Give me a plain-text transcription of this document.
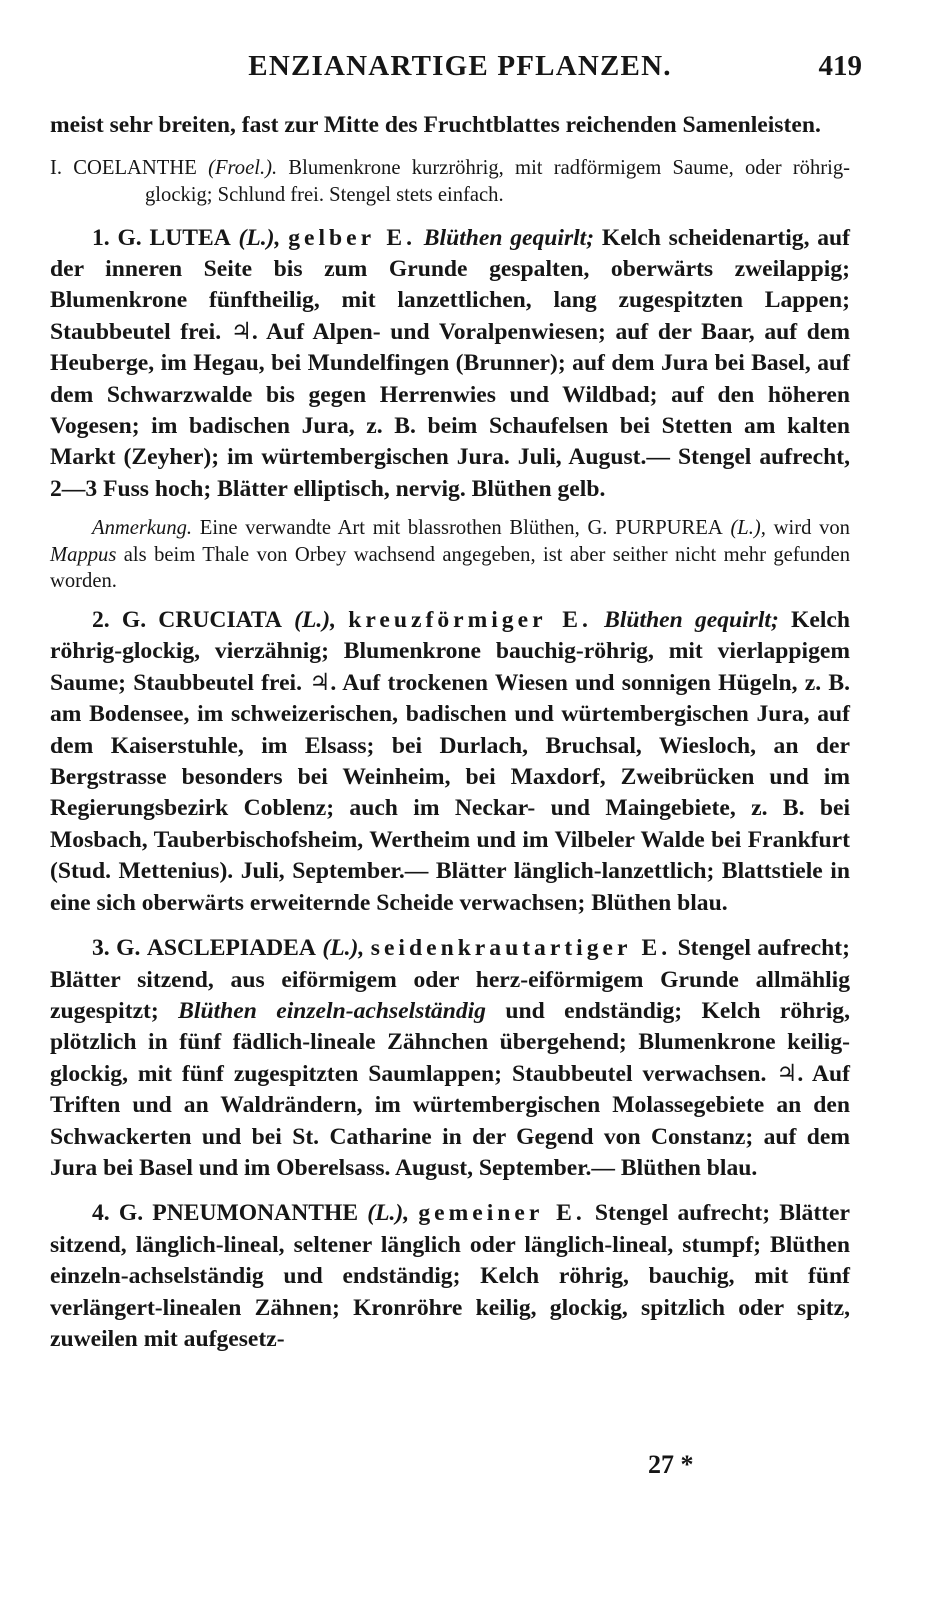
ENZIANARTIGE PFLANZEN.	419

meist sehr breiten, fast zur Mitte des Fruchtblattes reichenden Samenleisten.

I. COELANTHE (Froel.). Blumenkrone kurzröhrig, mit radförmigem Saume, oder röhrig-glockig; Schlund frei. Stengel stets einfach.

1. G. LUTEA (L.), gelber E. Blüthen gequirlt; Kelch scheidenartig, auf der inneren Seite bis zum Grunde gespalten, oberwärts zweilappig; Blumenkrone fünftheilig, mit lanzettlichen, lang zugespitzten Lappen; Staubbeutel frei. ♃. Auf Alpen- und Voralpenwiesen; auf der Baar, auf dem Heuberge, im Hegau, bei Mundelfingen (Brunner); auf dem Jura bei Basel, auf dem Schwarzwalde bis gegen Herrenwies und Wildbad; auf den höheren Vogesen; im badischen Jura, z. B. beim Schaufelsen bei Stetten am kalten Markt (Zeyher); im würtembergischen Jura. Juli, August.— Stengel aufrecht, 2—3 Fuss hoch; Blätter elliptisch, nervig. Blüthen gelb.

Anmerkung. Eine verwandte Art mit blassrothen Blüthen, G. PURPUREA (L.), wird von Mappus als beim Thale von Orbey wachsend angegeben, ist aber seither nicht mehr gefunden worden.

2. G. CRUCIATA (L.), kreuzförmiger E. Blüthen gequirlt; Kelch röhrig-glockig, vierzähnig; Blumenkrone bauchig-röhrig, mit vierlappigem Saume; Staubbeutel frei. ♃. Auf trockenen Wiesen und sonnigen Hügeln, z. B. am Bodensee, im schweizerischen, badischen und würtembergischen Jura, auf dem Kaiserstuhle, im Elsass; bei Durlach, Bruchsal, Wiesloch, an der Bergstrasse besonders bei Weinheim, bei Maxdorf, Zweibrücken und im Regierungsbezirk Coblenz; auch im Neckar- und Maingebiete, z. B. bei Mosbach, Tauberbischofsheim, Wertheim und im Vilbeler Walde bei Frankfurt (Stud. Mettenius). Juli, September.— Blätter länglich-lanzettlich; Blattstiele in eine sich oberwärts erweiternde Scheide verwachsen; Blüthen blau.

3. G. ASCLEPIADEA (L.), seidenkrautartiger E. Stengel aufrecht; Blätter sitzend, aus eiförmigem oder herz-eiförmigem Grunde allmählig zugespitzt; Blüthen einzeln-achselständig und endständig; Kelch röhrig, plötzlich in fünf fädlich-lineale Zähnchen übergehend; Blumenkrone keilig-glockig, mit fünf zugespitzten Saumlappen; Staubbeutel verwachsen. ♃. Auf Triften und an Waldrändern, im würtembergischen Molassegebiete an den Schwackerten und bei St. Catharine in der Gegend von Constanz; auf dem Jura bei Basel und im Oberelsass. August, September.— Blüthen blau.

4. G. PNEUMONANTHE (L.), gemeiner E. Stengel aufrecht; Blätter sitzend, länglich-lineal, seltener länglich oder länglich-lineal, stumpf; Blüthen einzeln-achselständig und endständig; Kelch röhrig, bauchig, mit fünf verlängert-linealen Zähnen; Kronröhre keilig, glockig, spitzlich oder spitz, zuweilen mit aufgesetz-

27 *
